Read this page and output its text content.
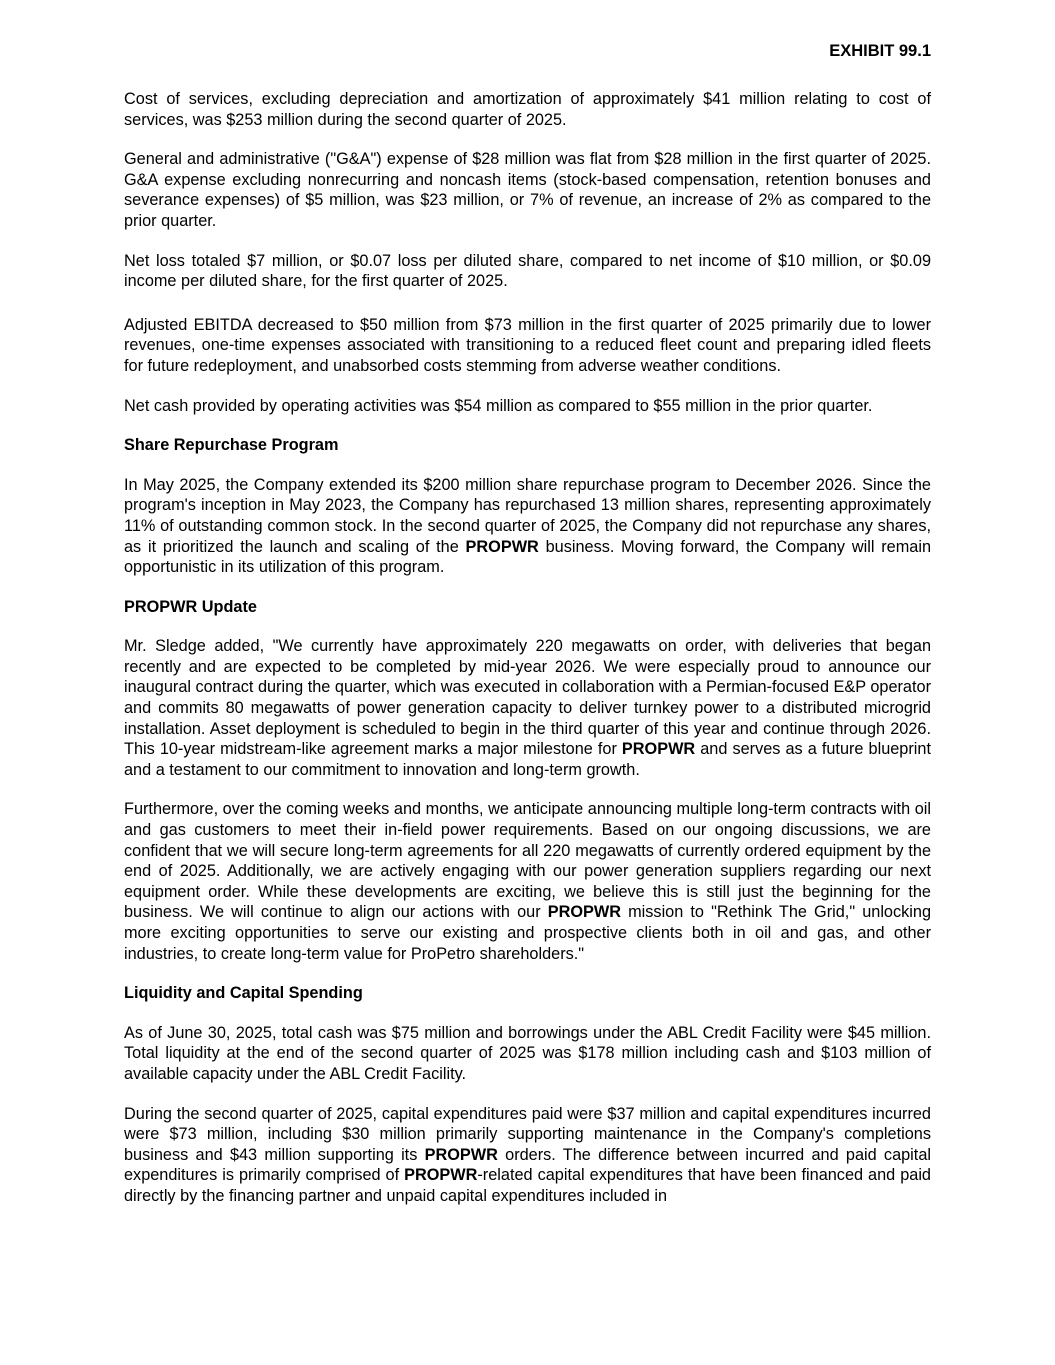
EXHIBIT 99.1

Cost of services, excluding depreciation and amortization of approximately $41 million relating to cost of services, was $253 million during the second quarter of 2025.

General and administrative ("G&A") expense of $28 million was flat from $28 million in the first quarter of 2025. G&A expense excluding nonrecurring and noncash items (stock-based compensation, retention bonuses and severance expenses) of $5 million, was $23 million, or 7% of revenue, an increase of 2% as compared to the prior quarter.

Net loss totaled $7 million, or $0.07 loss per diluted share, compared to net income of $10 million, or $0.09 income per diluted share, for the first quarter of 2025.

Adjusted EBITDA decreased to $50 million from $73 million in the first quarter of 2025 primarily due to lower revenues, one-time expenses associated with transitioning to a reduced fleet count and preparing idled fleets for future redeployment, and unabsorbed costs stemming from adverse weather conditions.

Net cash provided by operating activities was $54 million as compared to $55 million in the prior quarter.

Share Repurchase Program

In May 2025, the Company extended its $200 million share repurchase program to December 2026. Since the program's inception in May 2023, the Company has repurchased 13 million shares, representing approximately 11% of outstanding common stock. In the second quarter of 2025, the Company did not repurchase any shares, as it prioritized the launch and scaling of the PROPWR business. Moving forward, the Company will remain opportunistic in its utilization of this program.

PROPWR Update

Mr. Sledge added, "We currently have approximately 220 megawatts on order, with deliveries that began recently and are expected to be completed by mid-year 2026. We were especially proud to announce our inaugural contract during the quarter, which was executed in collaboration with a Permian-focused E&P operator and commits 80 megawatts of power generation capacity to deliver turnkey power to a distributed microgrid installation. Asset deployment is scheduled to begin in the third quarter of this year and continue through 2026. This 10-year midstream-like agreement marks a major milestone for PROPWR and serves as a future blueprint and a testament to our commitment to innovation and long-term growth.

Furthermore, over the coming weeks and months, we anticipate announcing multiple long-term contracts with oil and gas customers to meet their in-field power requirements. Based on our ongoing discussions, we are confident that we will secure long-term agreements for all 220 megawatts of currently ordered equipment by the end of 2025. Additionally, we are actively engaging with our power generation suppliers regarding our next equipment order. While these developments are exciting, we believe this is still just the beginning for the business. We will continue to align our actions with our PROPWR mission to "Rethink The Grid," unlocking more exciting opportunities to serve our existing and prospective clients both in oil and gas, and other industries, to create long-term value for ProPetro shareholders."

Liquidity and Capital Spending

As of June 30, 2025, total cash was $75 million and borrowings under the ABL Credit Facility were $45 million. Total liquidity at the end of the second quarter of 2025 was $178 million including cash and $103 million of available capacity under the ABL Credit Facility.

During the second quarter of 2025, capital expenditures paid were $37 million and capital expenditures incurred were $73 million, including $30 million primarily supporting maintenance in the Company's completions business and $43 million supporting its PROPWR orders. The difference between incurred and paid capital expenditures is primarily comprised of PROPWR-related capital expenditures that have been financed and paid directly by the financing partner and unpaid capital expenditures included in
